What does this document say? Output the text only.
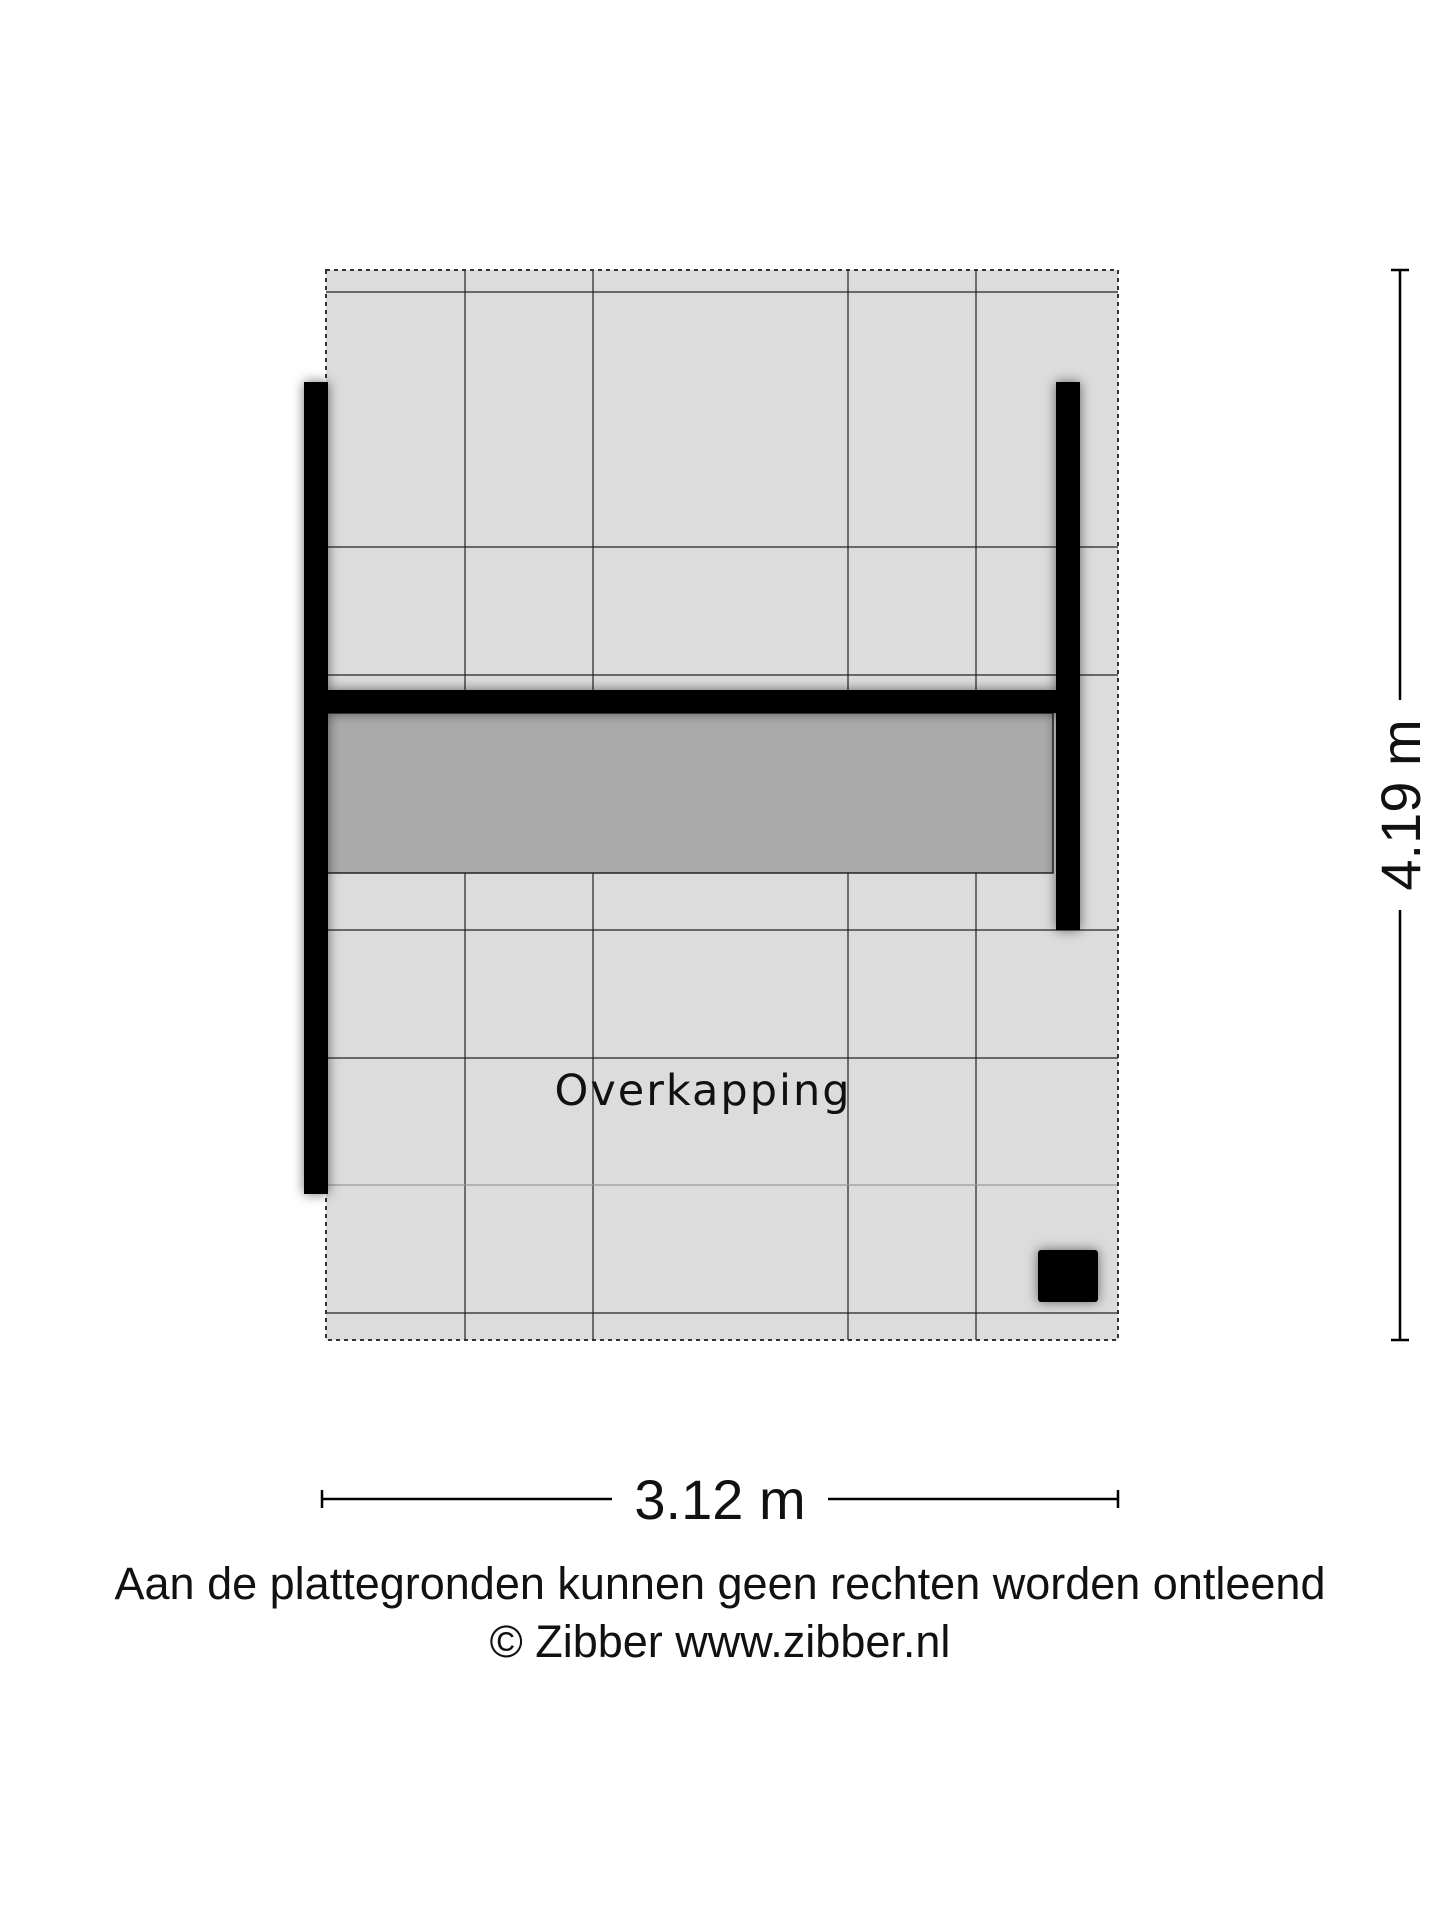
Overkapping
3.12 m
4.19 m
Aan de plattegronden kunnen geen rechten worden ontleend
© Zibber www.zibber.nl
